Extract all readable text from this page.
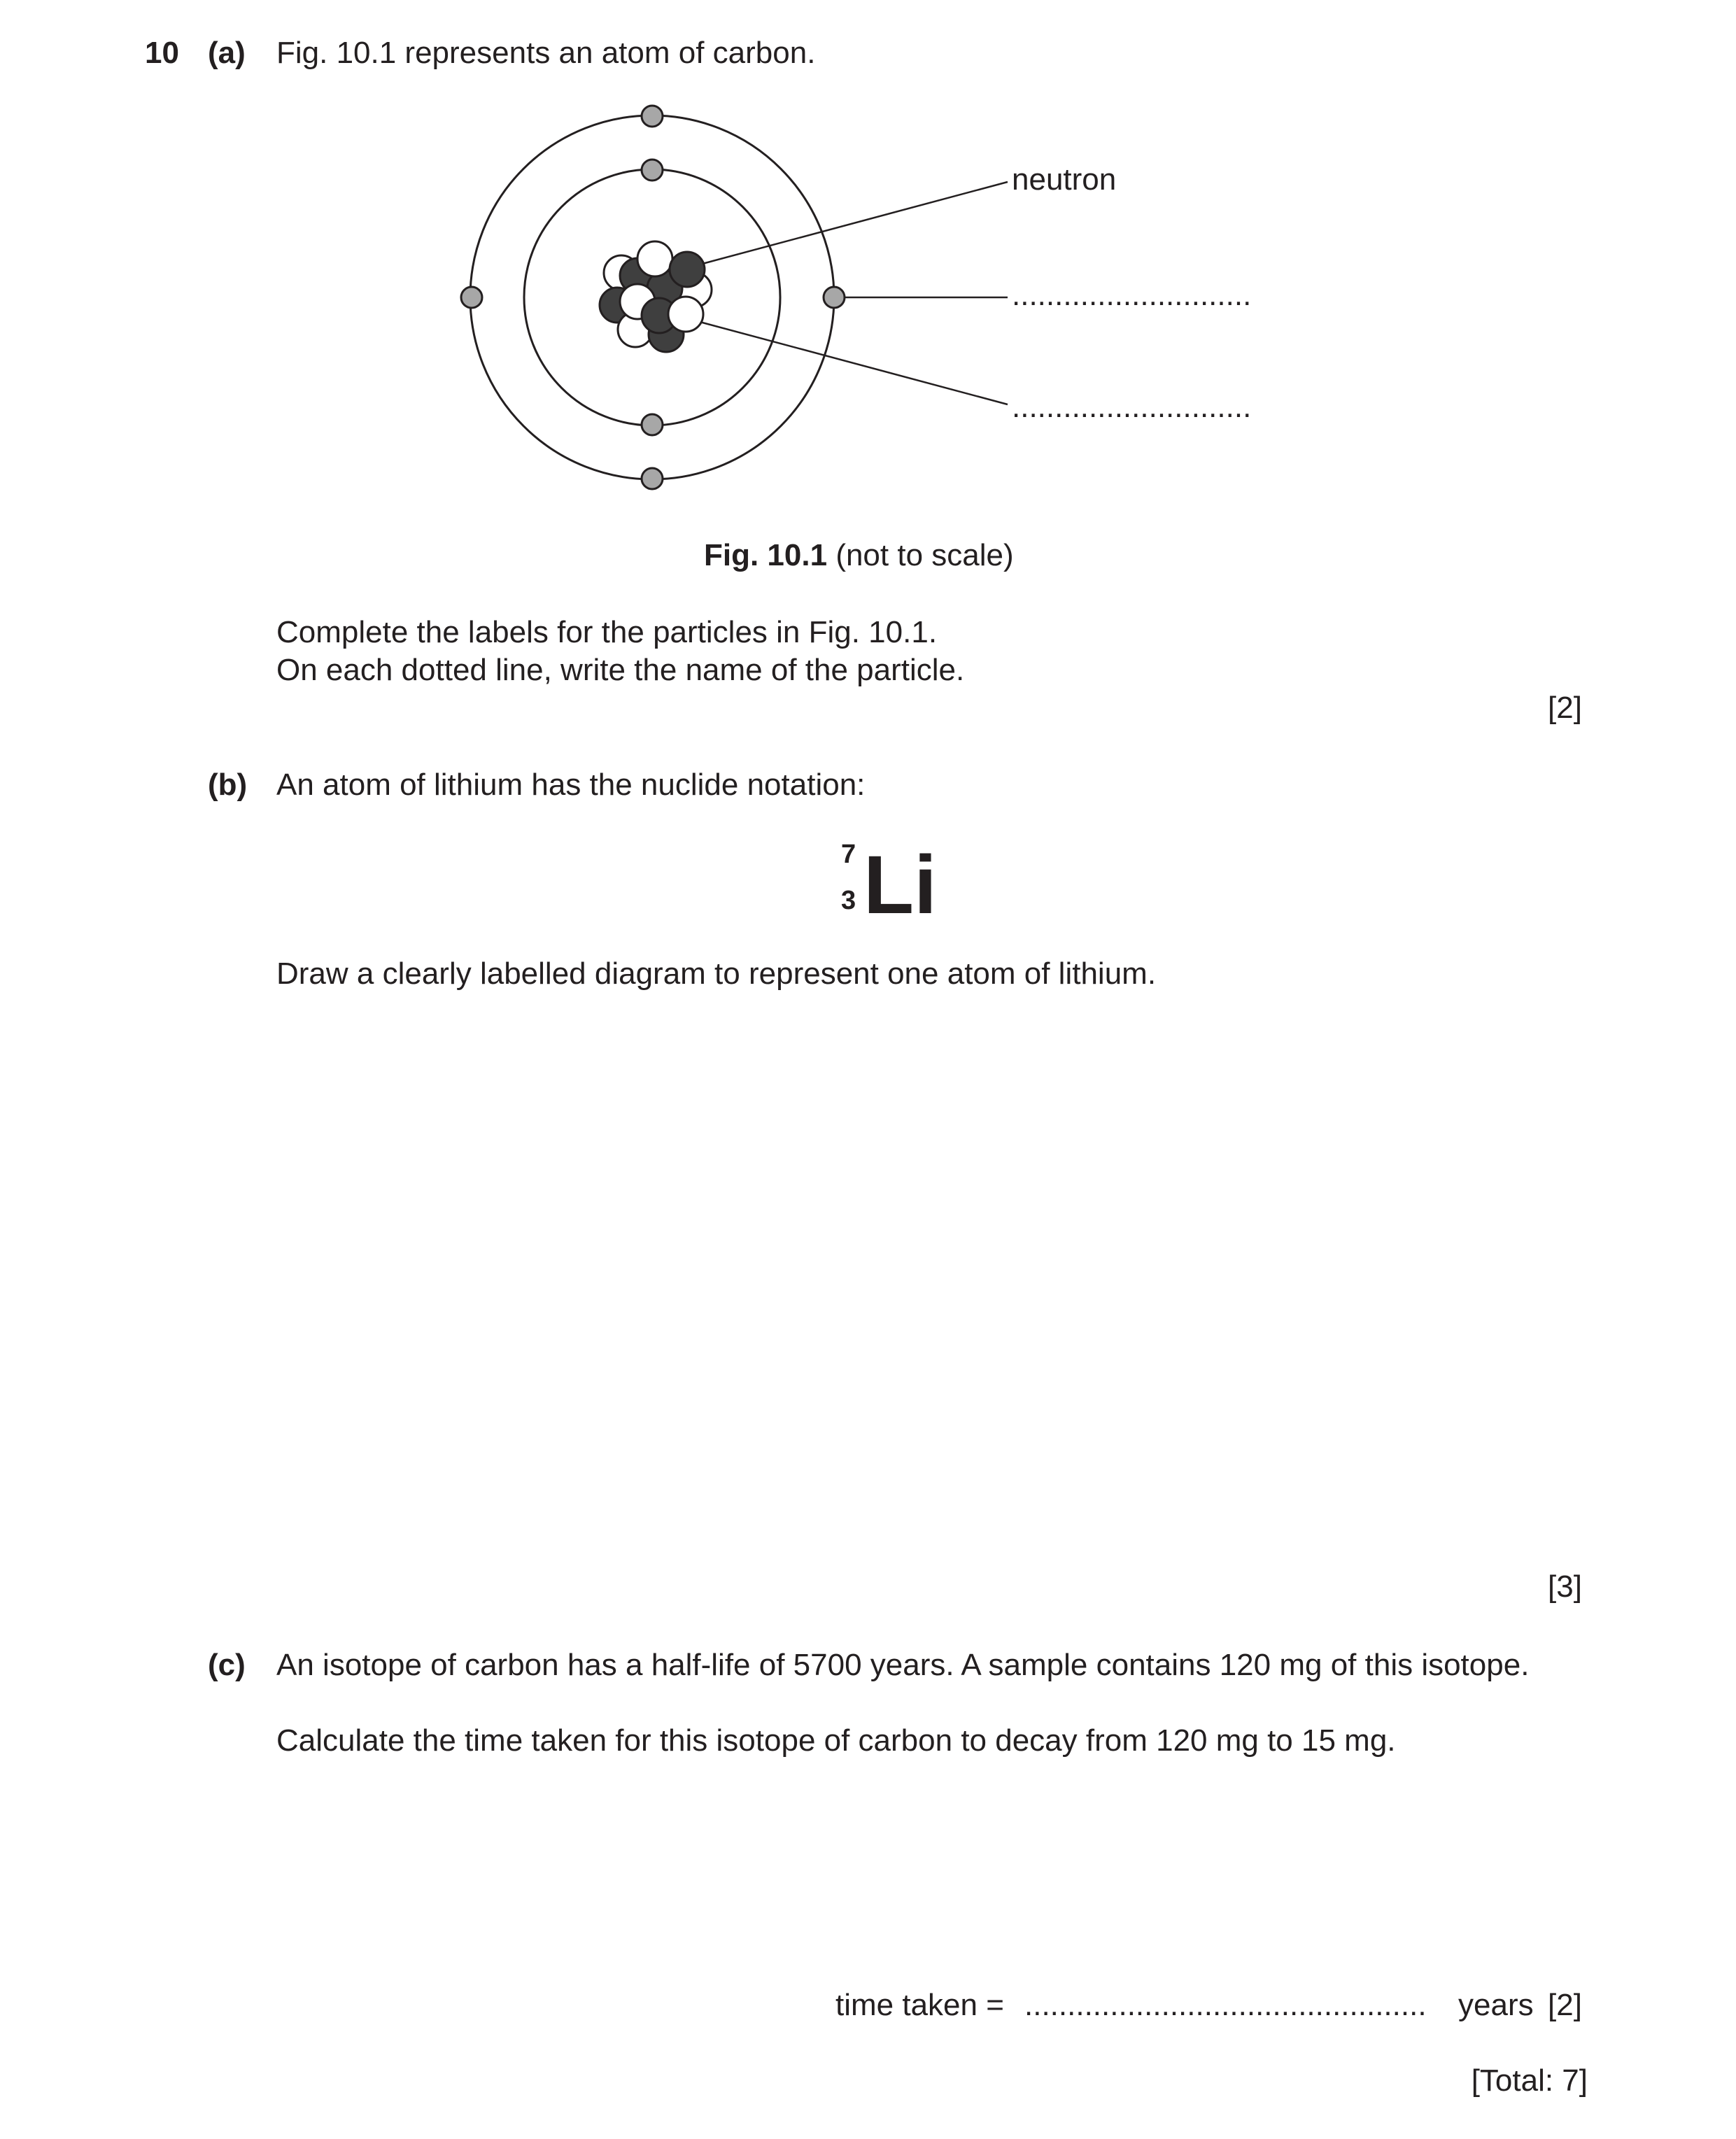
10 (a) Fig. 10.1 represents an atom of carbon.
neutron
............................
............................
Fig. 10.1 (not to scale)
Complete the labels for the particles in Fig. 10.1.
On each dotted line, write the name of the particle.
[2]
(b) An atom of lithium has the nuclide notation:
7
3 Li
Draw a clearly labelled diagram to represent one atom of lithium.
[3]
(c) An isotope of carbon has a half-life of 5700 years. A sample contains 120 mg of this isotope.
Calculate the time taken for this isotope of carbon to decay from 120 mg to 15 mg.
time taken = ............................................... years [2]
[Total: 7]
